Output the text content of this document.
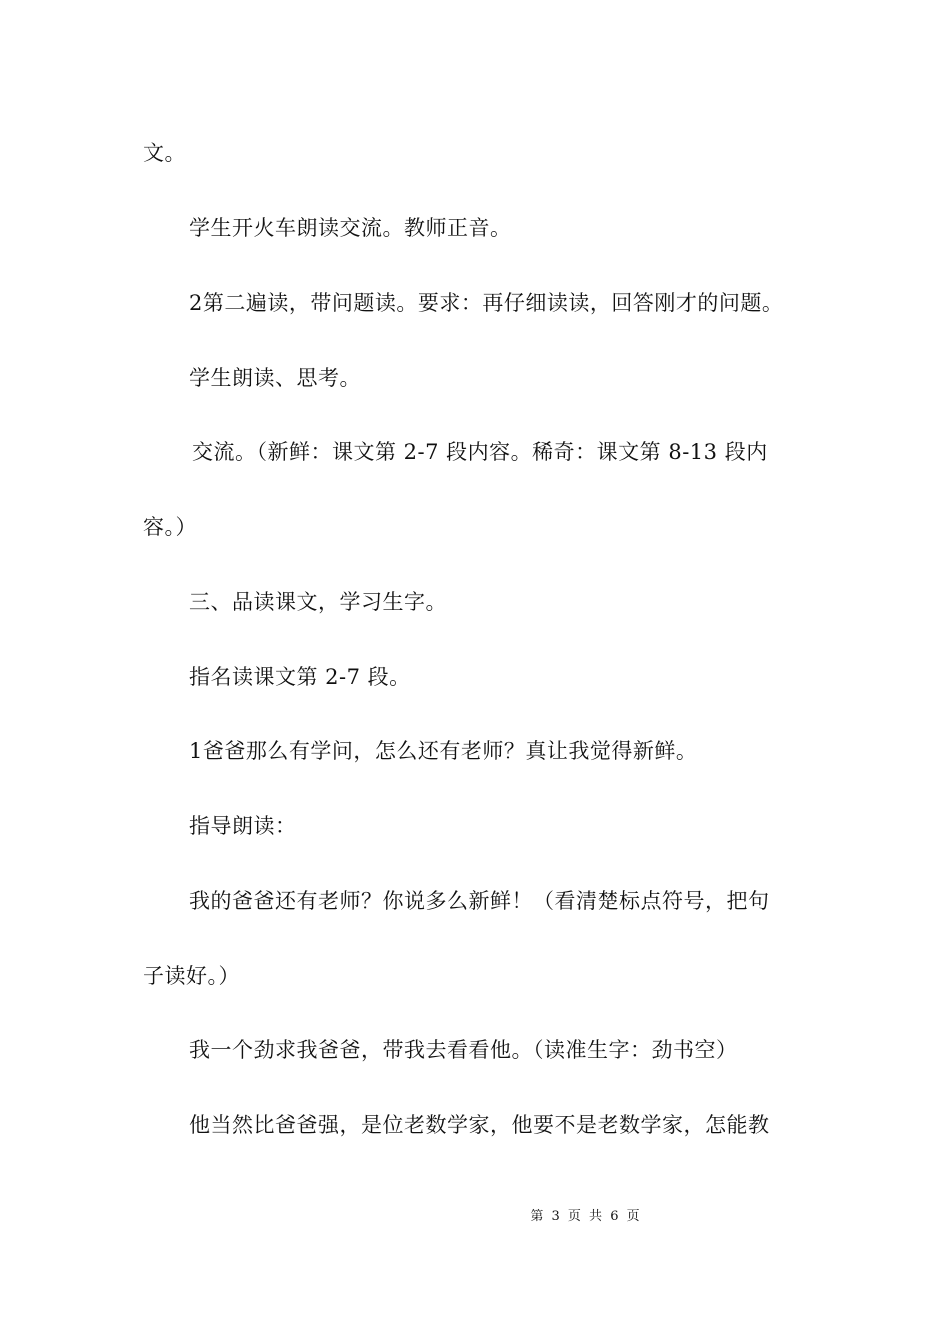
文。
学生开火车朗读交流。教师正音。
2第二遍读，带问题读。要求：再仔细读读，回答刚才的问题。
学生朗读、思考。
交流。（新鲜：课文第 2-7 段内容。稀奇：课文第 8-13 段内
容。）
三、品读课文，学习生字。
指名读课文第 2-7 段。
1爸爸那么有学问，怎么还有老师？真让我觉得新鲜。
指导朗读：
我的爸爸还有老师？你说多么新鲜！（看清楚标点符号，把句
子读好。）
我一个劲求我爸爸，带我去看看他。（读准生字：劲书空）
他当然比爸爸强，是位老数学家，他要不是老数学家，怎能教
第 3 页 共 6 页
